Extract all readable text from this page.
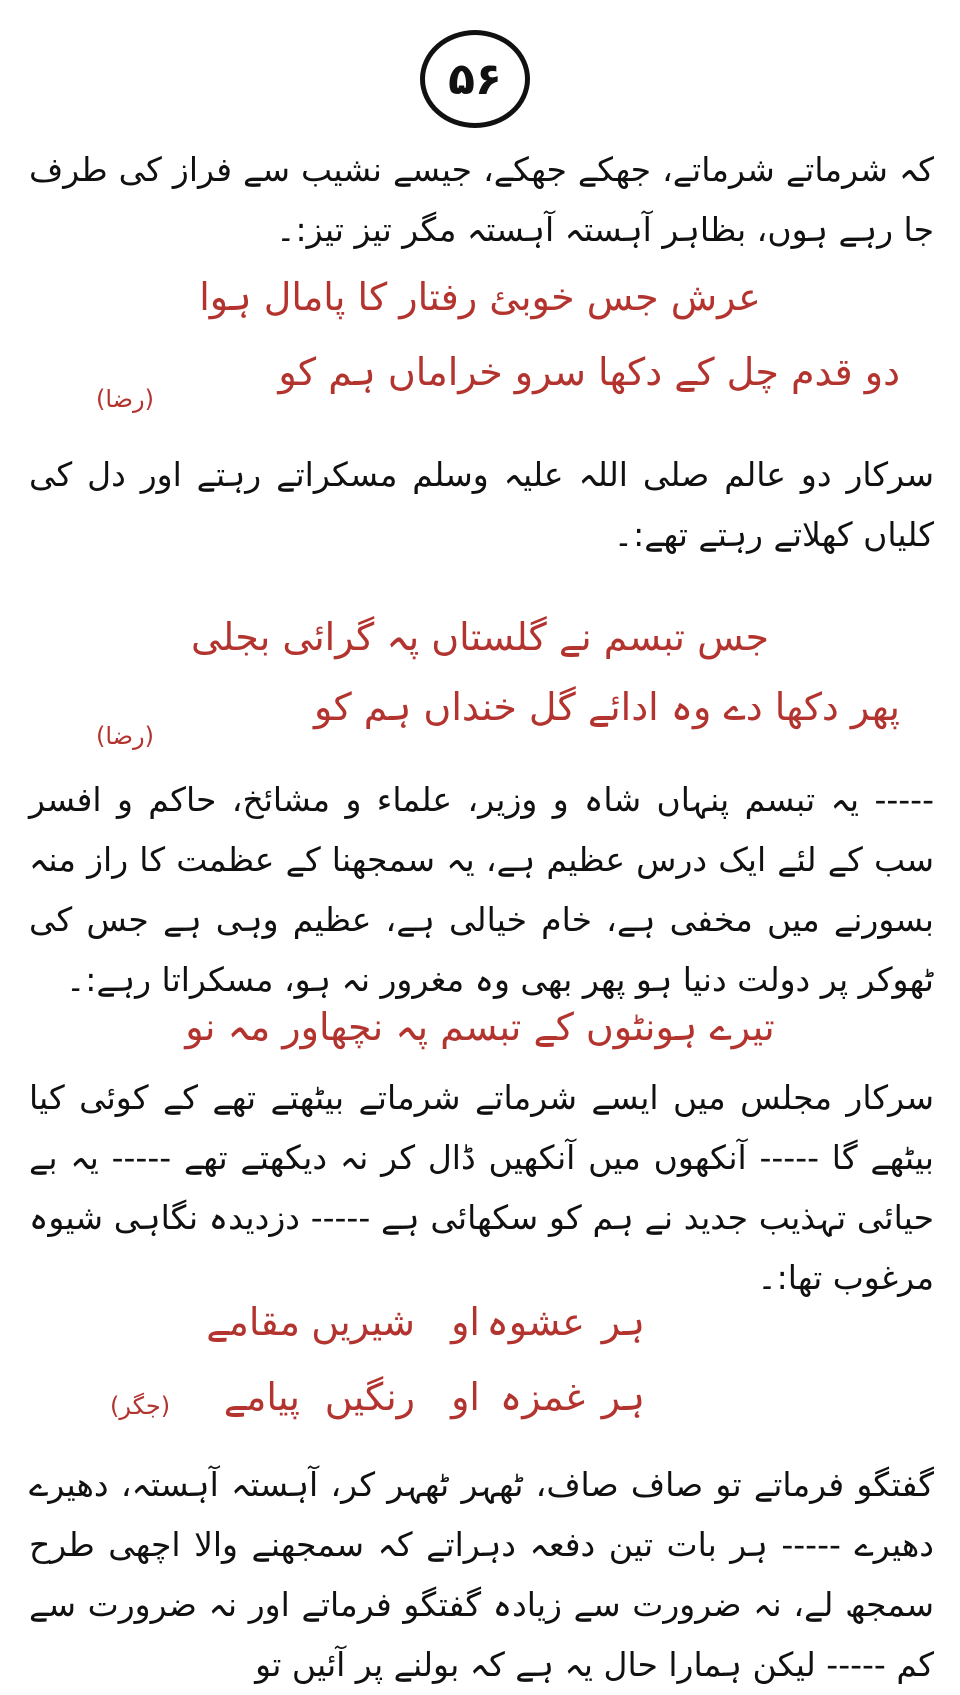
۵۶

کہ شرماتے شرماتے، جھکے جھکے، جیسے نشیب سے فراز کی طرف جا رہے ہوں، بظاہر آہستہ آہستہ مگر تیز تیز:۔

عرش جس خوبئ رفتار کا پامال ہوا

دو قدم چل کے دکھا سرو خراماں ہم کو

(رضا)

سرکار دو عالم صلی اللہ علیہ وسلم مسکراتے رہتے اور دل کی کلیاں کھلاتے رہتے تھے:۔

جس تبسم نے گلستاں پہ گرائی بجلی

پھر دکھا دے وہ ادائے گل خنداں ہم کو

(رضا)

----- یہ تبسم پنہاں شاہ و وزیر، علماء و مشائخ، حاکم و افسر سب کے لئے ایک درس عظیم ہے، یہ سمجھنا کے عظمت کا راز منہ بسورنے میں مخفی ہے، خام خیالی ہے، عظیم وہی ہے جس کی ٹھوکر پر دولت دنیا ہو پھر بھی وہ مغرور نہ ہو، مسکراتا رہے:۔

تیرے ہونٹوں کے تبسم پہ نچھاور مہ نو

سرکار مجلس میں ایسے شرماتے شرماتے بیٹھتے تھے کے کوئی کیا بیٹھے گا ----- آنکھوں میں آنکھیں ڈال کر نہ دیکھتے تھے ----- یہ بے حیائی تہذیب جدید نے ہم کو سکھائی ہے ----- دزدیدہ نگاہی شیوہ مرغوب تھا:۔

ہر
عشوہ
او
شیریں
مقامے
ہر
غمزہ
او
رنگیں
پیامے
(جگر)

گفتگو فرماتے تو صاف صاف، ٹھہر ٹھہر کر، آہستہ آہستہ، دھیرے دھیرے ----- ہر بات تین دفعہ دہراتے کہ سمجھنے والا اچھی طرح سمجھ لے، نہ ضرورت سے زیادہ گفتگو فرماتے اور نہ ضرورت سے کم ----- لیکن ہمارا حال یہ ہے کہ بولنے پر آئیں تو
